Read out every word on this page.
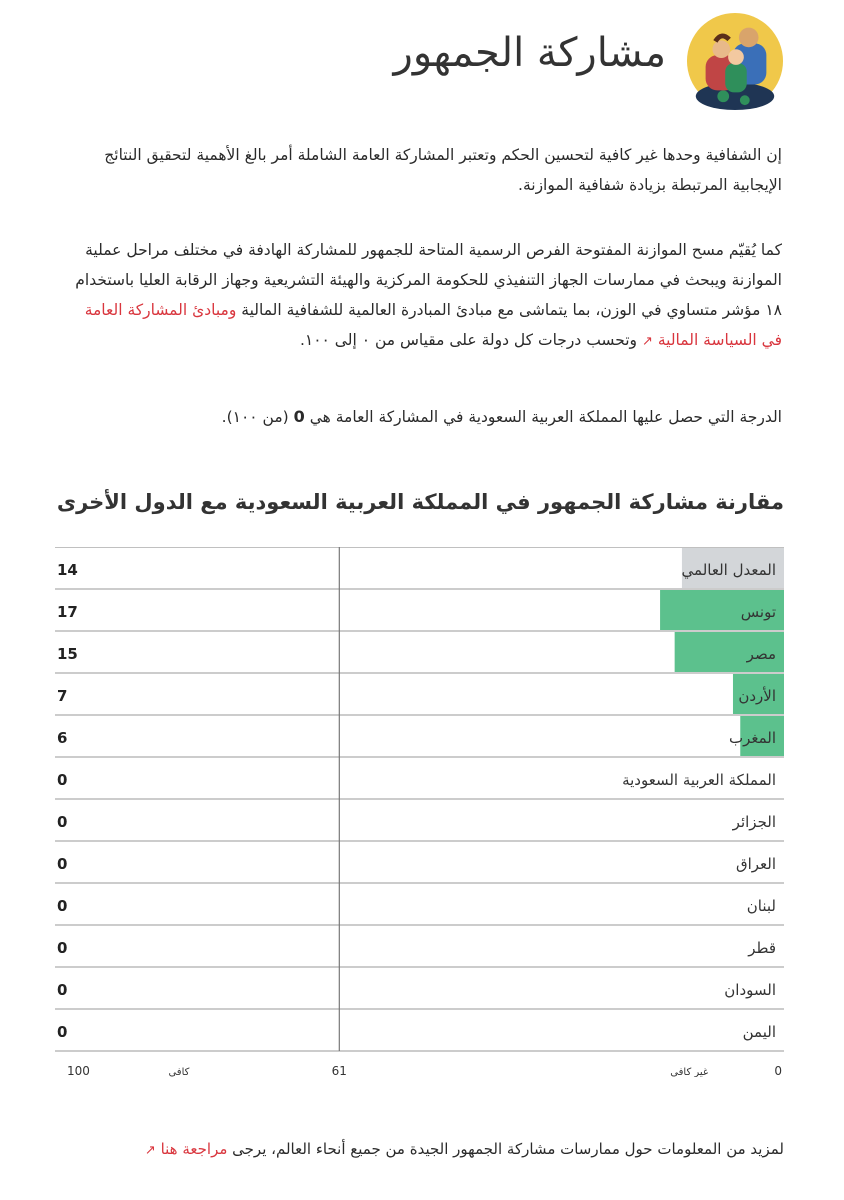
مشاركة الجمهور

إن الشفافية وحدها غير كافية لتحسين الحكم وتعتبر المشاركة العامة الشاملة أمر بالغ الأهمية لتحقيق النتائج الإيجابية المرتبطة بزيادة شفافية الموازنة.

كما يُقيّم مسح الموازنة المفتوحة الفرص الرسمية المتاحة للجمهور للمشاركة الهادفة في مختلف مراحل عملية الموازنة ويبحث في ممارسات الجهاز التنفيذي للحكومة المركزية والهيئة التشريعية وجهاز الرقابة العليا باستخدام ١٨ مؤشر متساوي في الوزن، بما يتماشى مع مبادئ المبادرة العالمية للشفافية المالية ومبادئ المشاركة العامة في السياسة المالية ↗ وتحسب درجات كل دولة على مقياس من ٠ إلى ١٠٠.

الدرجة التي حصل عليها المملكة العربية السعودية في المشاركة العامة هي 0 (من ١٠٠).

مقارنة مشاركة الجمهور في المملكة العربية السعودية مع الدول الأخرى
المعدل العالمي
14
تونس
17
مصر
15
الأردن
7
المغرب
6
المملكة العربية السعودية
0
الجزائر
0
العراق
0
لبنان
0
قطر
0
السودان
0
اليمن
0
0
61
100	غير كافي
كافي

لمزيد من المعلومات حول ممارسات مشاركة الجمهور الجيدة من جميع أنحاء العالم، يرجى مراجعة هنا ↗
